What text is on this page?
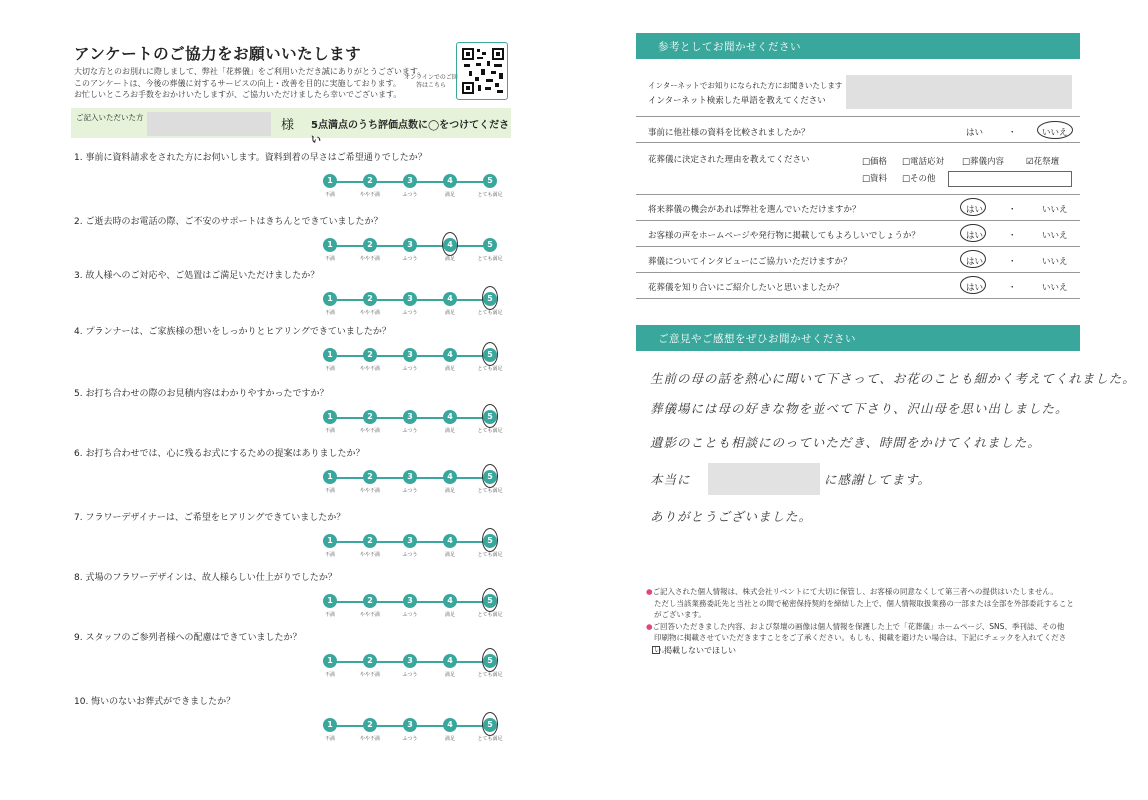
アンケートのご協力をお願いいたします
大切な方とのお別れに際しまして、弊社「花葬儀」をご利用いただき誠にありがとうございます。
このアンケートは、今後の葬儀に対するサービスの向上・改善を目的に実施しております。
お忙しいところお手数をおかけいたしますが、ご協力いただけましたら幸いでございます。
オンラインでのご回答はこちら
ご記入いただいた方
様 5点満点のうち評価点数に◯をつけてください
1. 事前に資料請求をされた方にお伺いします。資料到着の早さはご希望通りでしたか？
1
不満
2
やや不満
3
ふつう
4
満足
5
とても満足
2. ご逝去時のお電話の際、ご不安のサポートはきちんとできていましたか？
1
不満
2
やや不満
3
ふつう
4
満足
5
とても満足
3. 故人様へのご対応や、ご処置はご満足いただけましたか？
1
不満
2
やや不満
3
ふつう
4
満足
5
とても満足
4. プランナーは、ご家族様の想いをしっかりとヒアリングできていましたか？
1
不満
2
やや不満
3
ふつう
4
満足
5
とても満足
5. お打ち合わせの際のお見積内容はわかりやすかったですか？
1
不満
2
やや不満
3
ふつう
4
満足
5
とても満足
6. お打ち合わせでは、心に残るお式にするための提案はありましたか？
1
不満
2
やや不満
3
ふつう
4
満足
5
とても満足
7. フラワーデザイナーは、ご希望をヒアリングできていましたか？
1
不満
2
やや不満
3
ふつう
4
満足
5
とても満足
8. 式場のフラワーデザインは、故人様らしい仕上がりでしたか？
1
不満
2
やや不満
3
ふつう
4
満足
5
とても満足
9. スタッフのご参列者様への配慮はできていましたか？
1
不満
2
やや不満
3
ふつう
4
満足
5
とても満足
10. 悔いのないお葬式ができましたか？
1
不満
2
やや不満
3
ふつう
4
満足
5
とても満足
参考としてお聞かせください
インターネットでお知りになられた方にお聞きいたします
インターネット検索した単語を教えてください
事前に他社様の資料を比較されましたか？	はい	・	いいえ
花葬儀に決定された理由を教えてください	□価格 □電話応対 □葬儀内容	☑花祭壇
□資料 □その他
将来葬儀の機会があれば弊社を選んでいただけますか？	はい	・	いいえ
お客様の声をホームページや発行物に掲載してもよろしいでしょうか？	はい	・	いいえ
葬儀についてインタビューにご協力いただけますか？	はい	・	いいえ
花葬儀を知り合いにご紹介したいと思いましたか？	はい	・	いいえ
ご意見やご感想をぜひお聞かせください
生前の母の話を熱心に聞いて下さって、お花のことも細かく考えてくれました。
葬儀場には母の好きな物を並べて下さり、沢山母を思い出しました。
遺影のことも相談にのっていただき、時間をかけてくれました。
本当に	に感謝してます。
ありがとうございました。
●ご記入された個人情報は、株式会社リベントにて大切に保管し、お客様の同意なくして第三者への提供はいたしません。
ただし当該業務委託先と当社との間で秘密保持契約を締結した上で、個人情報取扱業務の一部または全部を外部委託することがございます。
●ご回答いただきました内容、および祭壇の画像は個人情報を保護した上で「花葬儀」ホームページ、SNS、季刊誌、その他
印刷物に掲載させていただきますことをご了承ください。もしも、掲載を避けたい場合は、下記にチェックを入れてください。
掲載しないでほしい
